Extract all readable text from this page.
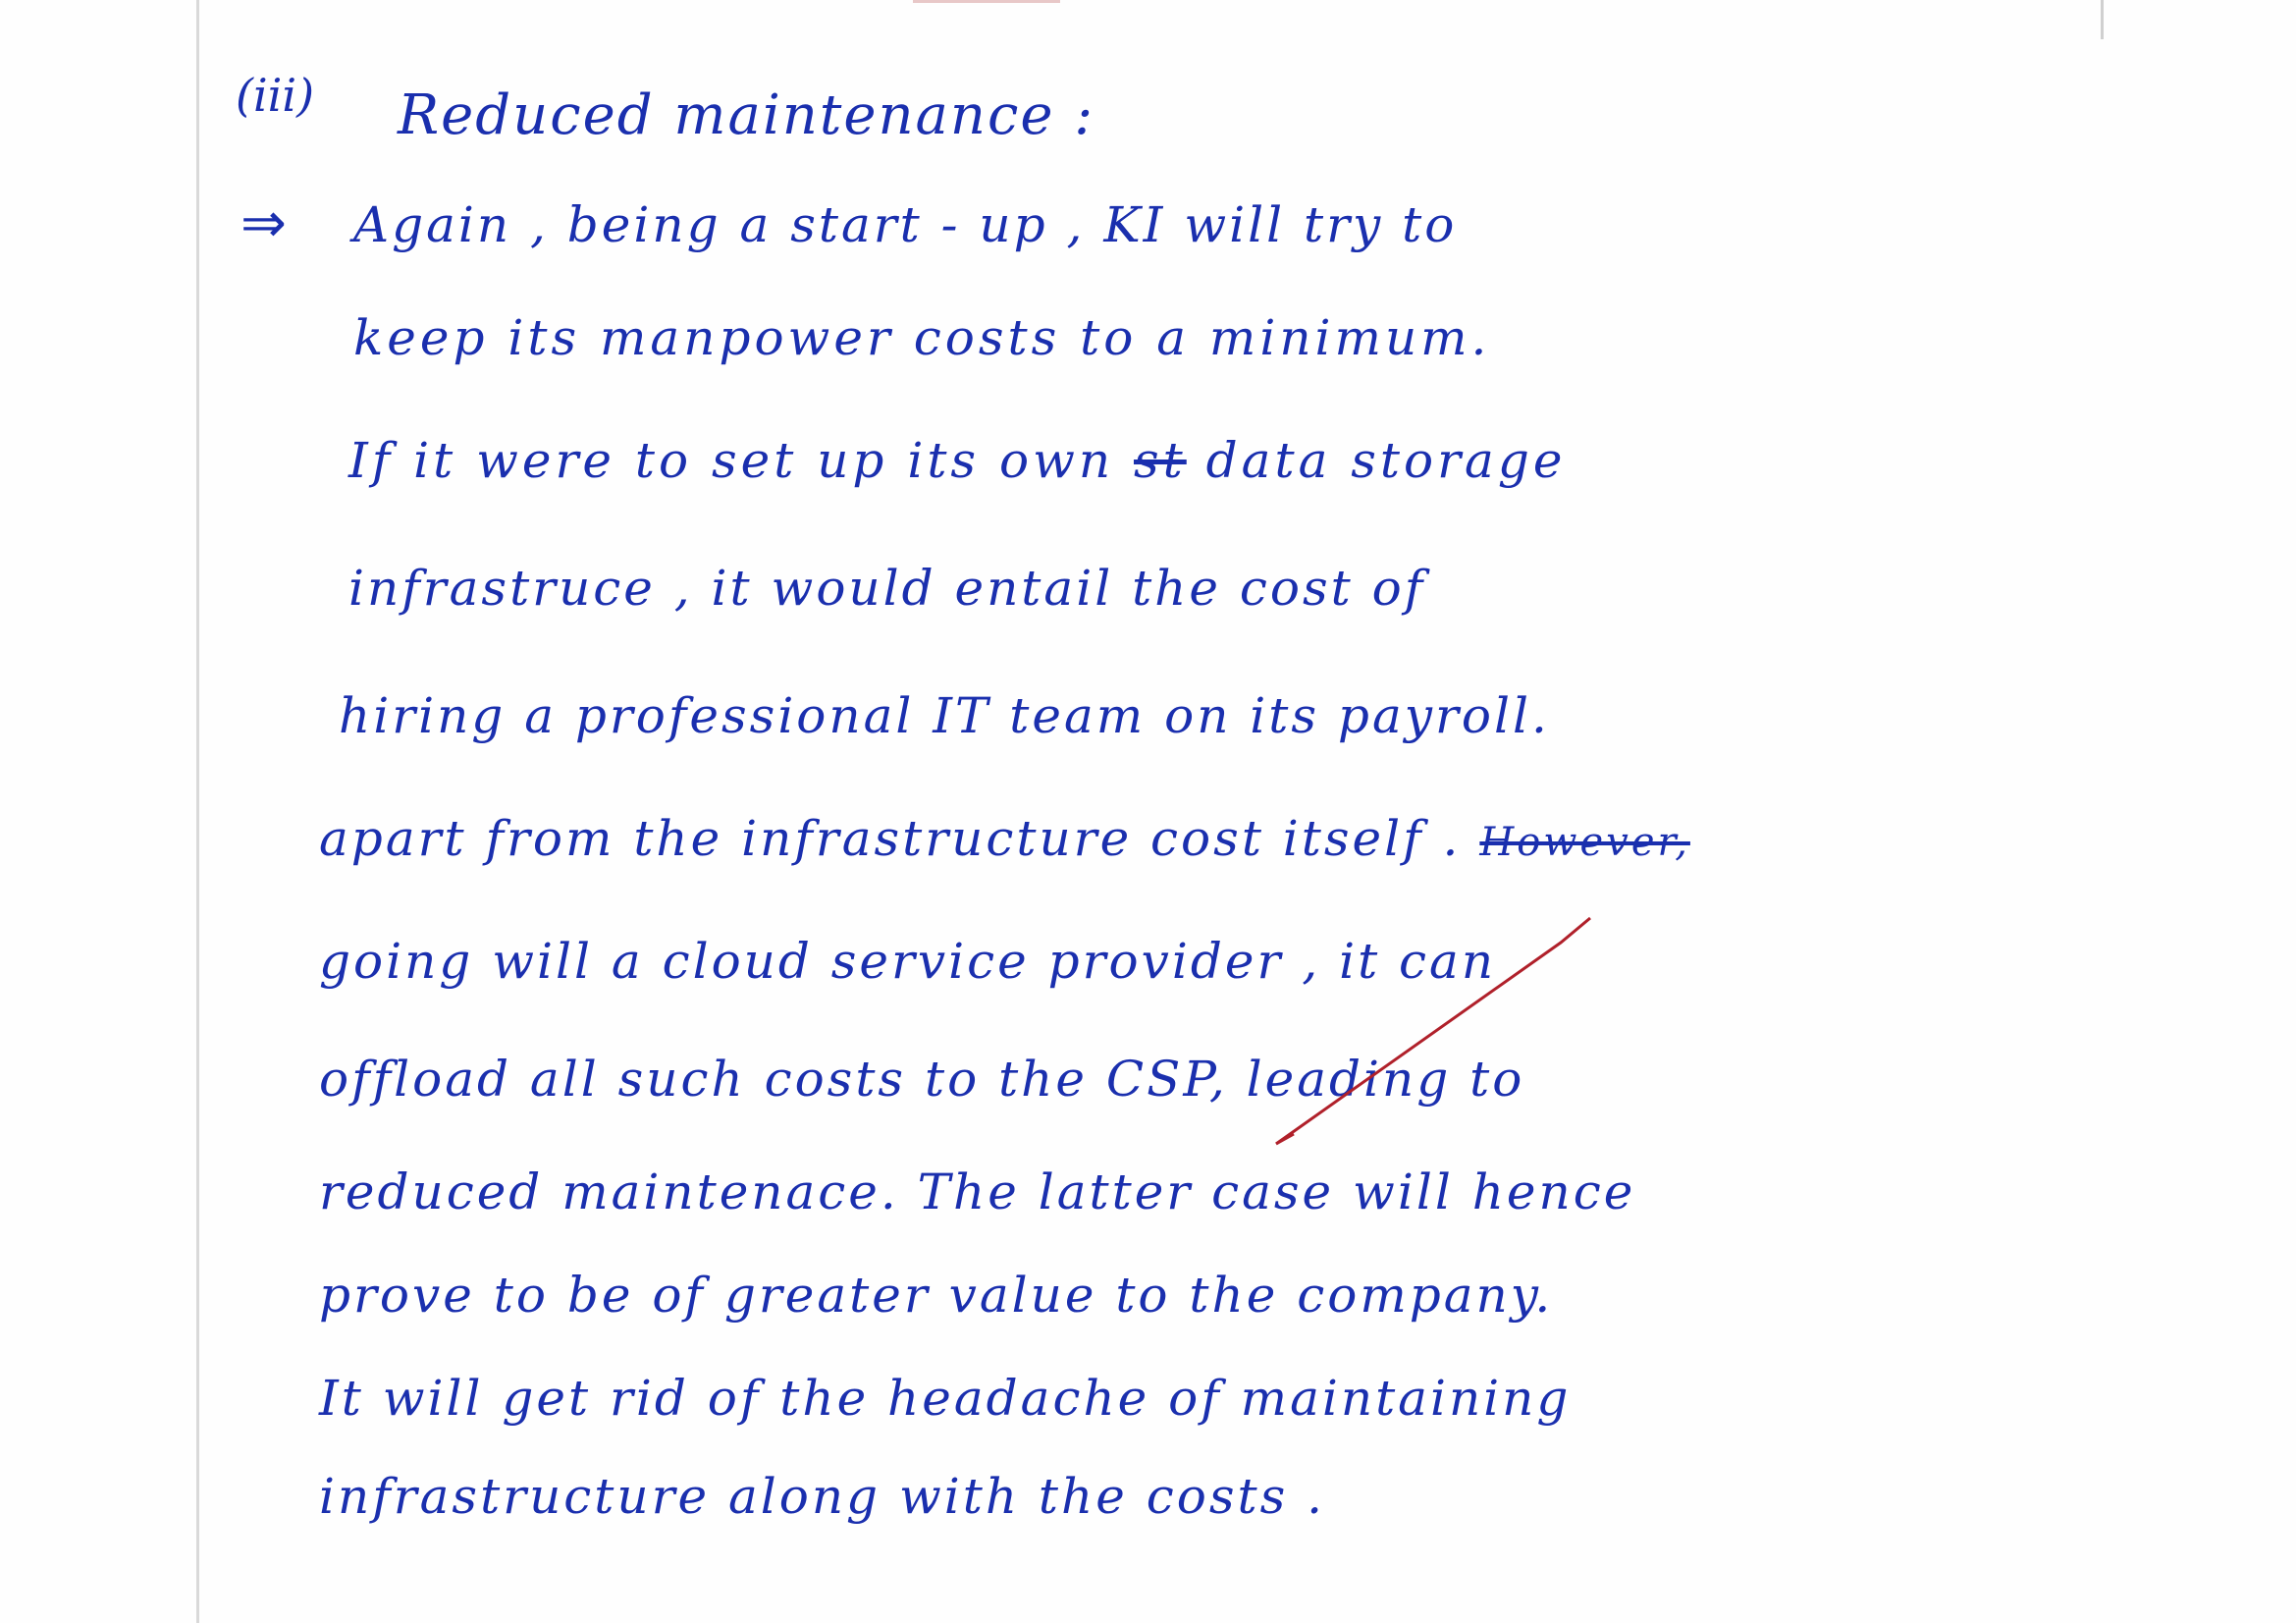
(iii) Reduced maintenance :
⇒ Again , being a start - up , KI will try to
keep its manpower costs to a minimum.
If it were to set up its own st data storage
infrastruce , it would entail the cost of
hiring a professional IT team on its payroll.
apart from the infrastructure cost itself . However,
going will a cloud service provider , it can
offload all such costs to the CSP, leading to
reduced maintenace. The latter case will hence
prove to be of greater value to the company.
It will get rid of the headache of maintaining
infrastructure along with the costs .
